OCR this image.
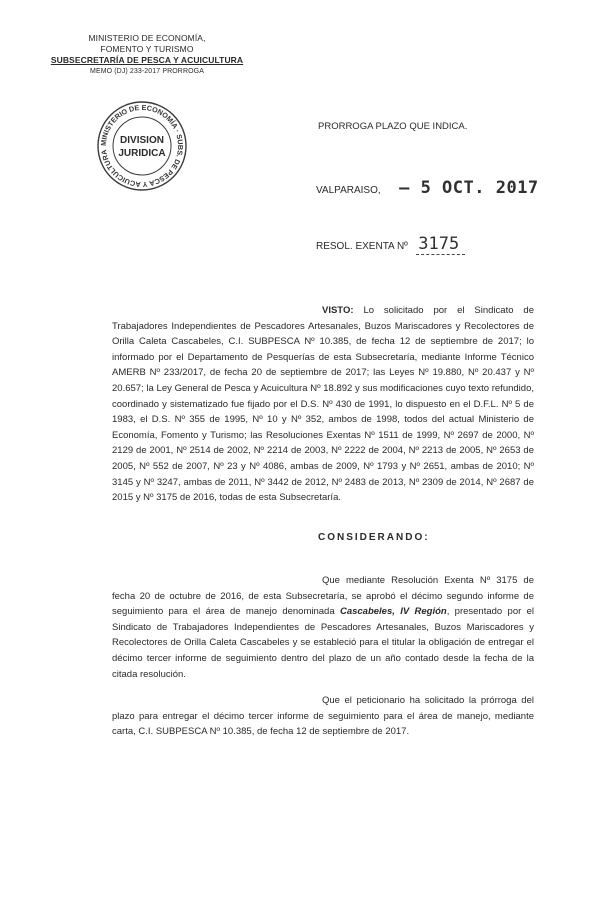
MINISTERIO DE ECONOMÍA,
FOMENTO Y TURISMO
SUBSECRETARÍA DE PESCA Y ACUICULTURA
MEMO (DJ) 233-2017 PRORROGA
MINISTERIO DE ECONOMÍA · SUBS. DE PESCA Y ACUICULTURA
DIVISION
JURIDICA
PRORROGA PLAZO QUE INDICA.
VALPARAISO, – 5 OCT. 2017
RESOL. EXENTA Nº 3175
VISTO: Lo solicitado por el Sindicato de Trabajadores Independientes de Pescadores Artesanales, Buzos Mariscadores y Recolectores de Orilla Caleta Cascabeles, C.I. SUBPESCA Nº 10.385, de fecha 12 de septiembre de 2017; lo informado por el Departamento de Pesquerías de esta Subsecretaría, mediante Informe Técnico AMERB Nº 233/2017, de fecha 20 de septiembre de 2017; las Leyes Nº 19.880, Nº 20.437 y Nº 20.657; la Ley General de Pesca y Acuicultura Nº 18.892 y sus modificaciones cuyo texto refundido, coordinado y sistematizado fue fijado por el D.S. Nº 430 de 1991, lo dispuesto en el D.F.L. Nº 5 de 1983, el D.S. Nº 355 de 1995, Nº 10 y Nº 352, ambos de 1998, todos del actual Ministerio de Economía, Fomento y Turismo; las Resoluciones Exentas Nº 1511 de 1999, Nº 2697 de 2000, Nº 2129 de 2001, Nº 2514 de 2002, Nº 2214 de 2003, Nº 2222 de 2004, Nº 2213 de 2005, Nº 2653 de 2005, Nº 552 de 2007, Nº 23 y Nº 4086, ambas de 2009, Nº 1793 y Nº 2651, ambas de 2010; Nº 3145 y Nº 3247, ambas de 2011, Nº 3442 de 2012, Nº 2483 de 2013, Nº 2309 de 2014, Nº 2687 de 2015 y Nº 3175 de 2016, todas de esta Subsecretaría.
CONSIDERANDO:
Que mediante Resolución Exenta Nº 3175 de fecha 20 de octubre de 2016, de esta Subsecretaría, se aprobó el décimo segundo informe de seguimiento para el área de manejo denominada Cascabeles, IV Región, presentado por el Sindicato de Trabajadores Independientes de Pescadores Artesanales, Buzos Mariscadores y Recolectores de Orilla Caleta Cascabeles y se estableció para el titular la obligación de entregar el décimo tercer informe de seguimiento dentro del plazo de un año contado desde la fecha de la citada resolución.
Que el peticionario ha solicitado la prórroga del plazo para entregar el décimo tercer informe de seguimiento para el área de manejo, mediante carta, C.I. SUBPESCA Nº 10.385, de fecha 12 de septiembre de 2017.
